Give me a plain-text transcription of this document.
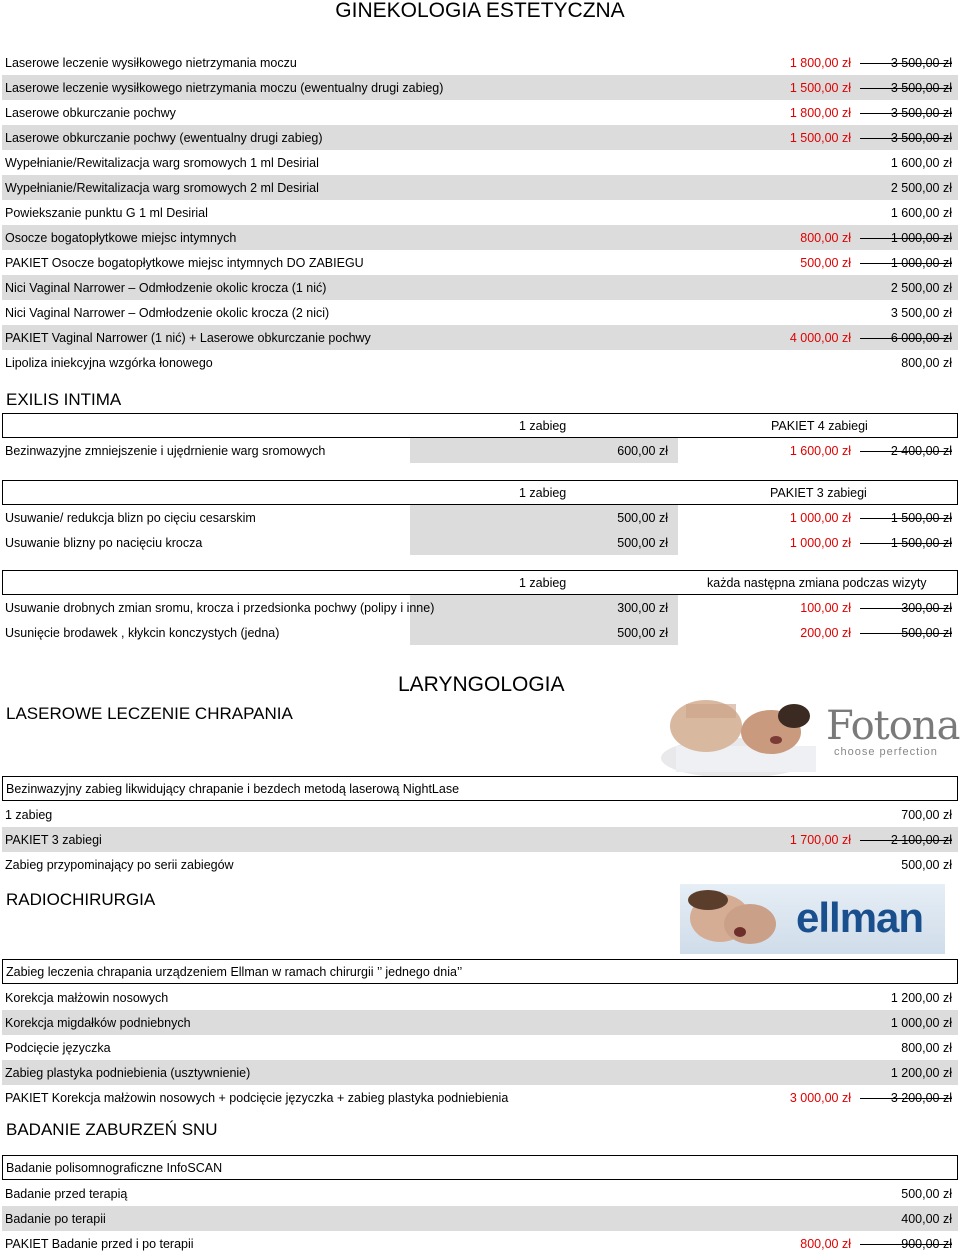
GINEKOLOGIA ESTETYCZNA
Laserowe leczenie wysiłkowego nietrzymania moczu	1 800,00 zł	3 500,00 zł
Laserowe leczenie wysiłkowego nietrzymania moczu (ewentualny drugi zabieg)	1 500,00 zł	3 500,00 zł
Laserowe obkurczanie pochwy	1 800,00 zł	3 500,00 zł
Laserowe obkurczanie pochwy (ewentualny drugi zabieg)	1 500,00 zł	3 500,00 zł
Wypełnianie/Rewitalizacja warg sromowych 1 ml Desirial	1 600,00 zł
Wypełnianie/Rewitalizacja warg sromowych 2 ml Desirial	2 500,00 zł
Powiekszanie punktu G 1 ml Desirial	1 600,00 zł
Osocze bogatopłytkowe miejsc intymnych	800,00 zł	1 000,00 zł
PAKIET Osocze bogatopłytkowe miejsc intymnych DO ZABIEGU	500,00 zł	1 000,00 zł
Nici Vaginal Narrower – Odmłodzenie okolic krocza (1 nić)	2 500,00 zł
Nici Vaginal Narrower – Odmłodzenie okolic krocza (2 nici)	3 500,00 zł
PAKIET Vaginal Narrower (1 nić) + Laserowe obkurczanie pochwy	4 000,00 zł	6 000,00 zł
Lipoliza iniekcyjna wzgórka łonowego	800,00 zł
EXILIS INTIMA
1 zabieg	PAKIET 4 zabiegi
Bezinwazyjne zmniejszenie i ujędrnienie warg sromowych	600,00 zł	1 600,00 zł	2 400,00 zł
1 zabieg	PAKIET 3 zabiegi
Usuwanie/ redukcja blizn po cięciu cesarskim	500,00 zł	1 000,00 zł	1 500,00 zł
Usuwanie blizny po nacięciu krocza	500,00 zł	1 000,00 zł	1 500,00 zł
1 zabieg	każda następna zmiana podczas wizyty
Usuwanie drobnych zmian sromu, krocza i przedsionka pochwy (polipy i inne)	300,00 zł	100,00 zł	300,00 zł
Usunięcie brodawek , kłykcin konczystych (jedna)	500,00 zł	200,00 zł	500,00 zł
LARYNGOLOGIA
LASEROWE LECZENIE CHRAPANIA	Fotona
choose perfection
Bezinwazyjny zabieg likwidujący chrapanie i bezdech metodą laserową NightLase
1 zabieg	700,00 zł
PAKIET 3 zabiegi	1 700,00 zł	2 100,00 zł
Zabieg przypominający po serii zabiegów	500,00 zł
RADIOCHIRURGIA	ellman
Zabieg leczenia chrapania urządzeniem Ellman w ramach chirurgii ’’ jednego dnia’’
Korekcja małżowin nosowych	1 200,00 zł
Korekcja migdałków podniebnych	1 000,00 zł
Podcięcie języczka	800,00 zł
Zabieg plastyka podniebienia (usztywnienie)	1 200,00 zł
PAKIET Korekcja małżowin nosowych + podcięcie języczka + zabieg plastyka podniebienia	3 000,00 zł	3 200,00 zł
BADANIE ZABURZEŃ SNU
Badanie polisomnograficzne InfoSCAN
Badanie przed terapią	500,00 zł
Badanie po terapii	400,00 zł
PAKIET Badanie przed i po terapii	800,00 zł	900,00 zł
